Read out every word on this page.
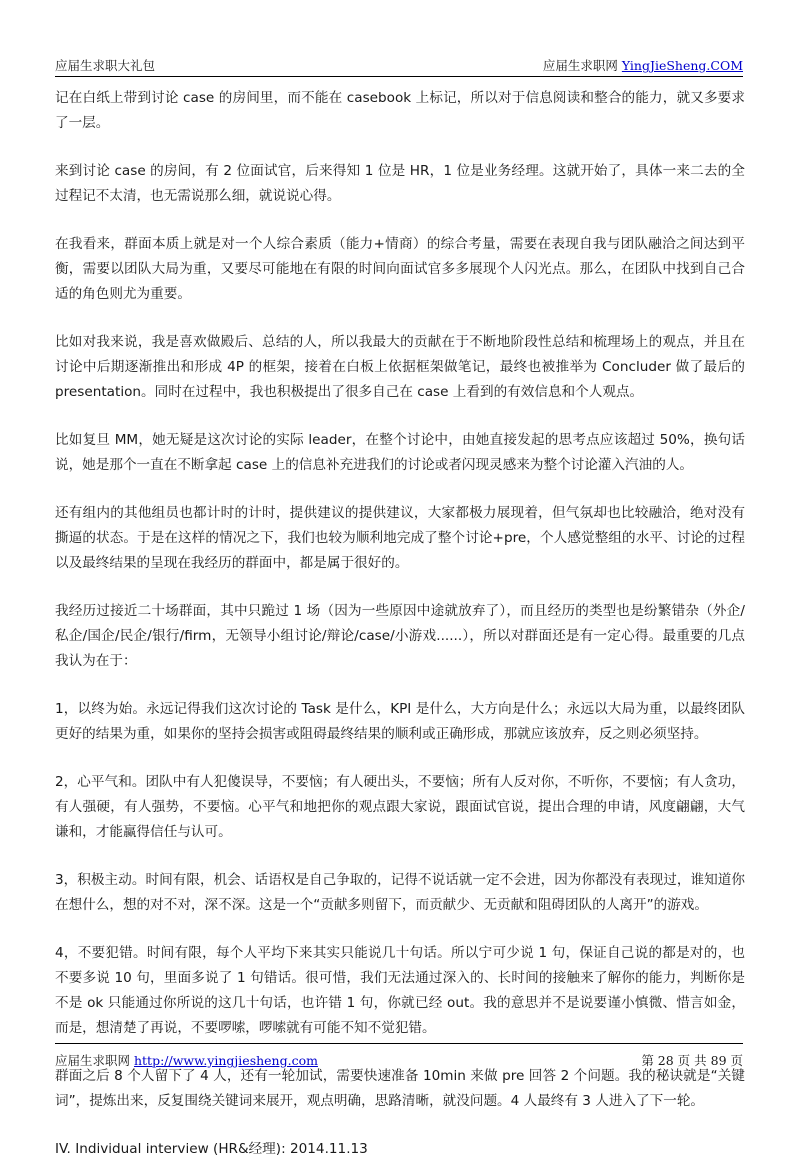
应届生求职大礼包	应届生求职网 YingJieSheng.COM

记在白纸上带到讨论 case 的房间里，而不能在 casebook 上标记，所以对于信息阅读和整合的能力，就又多要求了一层。

来到讨论 case 的房间，有 2 位面试官，后来得知 1 位是 HR，1 位是业务经理。这就开始了，具体一来二去的全过程记不太清，也无需说那么细，就说说心得。

在我看来，群面本质上就是对一个人综合素质（能力+情商）的综合考量，需要在表现自我与团队融洽之间达到平衡，需要以团队大局为重，又要尽可能地在有限的时间向面试官多多展现个人闪光点。那么，在团队中找到自己合适的角色则尤为重要。

比如对我来说，我是喜欢做殿后、总结的人，所以我最大的贡献在于不断地阶段性总结和梳理场上的观点，并且在讨论中后期逐渐推出和形成 4P 的框架，接着在白板上依据框架做笔记，最终也被推举为 Concluder 做了最后的 presentation。同时在过程中，我也积极提出了很多自己在 case 上看到的有效信息和个人观点。

比如复旦 MM，她无疑是这次讨论的实际 leader，在整个讨论中，由她直接发起的思考点应该超过 50%，换句话说，她是那个一直在不断拿起 case 上的信息补充进我们的讨论或者闪现灵感来为整个讨论灌入汽油的人。

还有组内的其他组员也都计时的计时，提供建议的提供建议，大家都极力展现着，但气氛却也比较融洽，绝对没有撕逼的状态。于是在这样的情况之下，我们也较为顺利地完成了整个讨论+pre，个人感觉整组的水平、讨论的过程以及最终结果的呈现在我经历的群面中，都是属于很好的。

我经历过接近二十场群面，其中只跪过 1 场（因为一些原因中途就放弃了），而且经历的类型也是纷繁错杂（外企/私企/国企/民企/银行/firm，无领导小组讨论/辩论/case/小游戏......），所以对群面还是有一定心得。最重要的几点我认为在于：

1，以终为始。永远记得我们这次讨论的 Task 是什么，KPI 是什么，大方向是什么；永远以大局为重，以最终团队更好的结果为重，如果你的坚持会损害或阻碍最终结果的顺利或正确形成，那就应该放弃，反之则必须坚持。

2，心平气和。团队中有人犯傻误导，不要恼；有人硬出头，不要恼；所有人反对你，不听你，不要恼；有人贪功，有人强硬，有人强势，不要恼。心平气和地把你的观点跟大家说，跟面试官说，提出合理的申请，风度翩翩，大气谦和，才能赢得信任与认可。

3，积极主动。时间有限，机会、话语权是自己争取的，记得不说话就一定不会进，因为你都没有表现过，谁知道你在想什么，想的对不对，深不深。这是一个“贡献多则留下，而贡献少、无贡献和阻碍团队的人离开”的游戏。

4，不要犯错。时间有限，每个人平均下来其实只能说几十句话。所以宁可少说 1 句，保证自己说的都是对的，也不要多说 10 句，里面多说了 1 句错话。很可惜，我们无法通过深入的、长时间的接触来了解你的能力，判断你是不是 ok 只能通过你所说的这几十句话，也许错 1 句，你就已经 out。我的意思并不是说要谨小慎微、惜言如金，而是，想清楚了再说，不要啰嗦，啰嗦就有可能不知不觉犯错。

群面之后 8 个人留下了 4 人，还有一轮加试，需要快速准备 10min 来做 pre 回答 2 个问题。我的秘诀就是“关键词”，提炼出来，反复围绕关键词来展开，观点明确，思路清晰，就没问题。4 人最终有 3 人进入了下一轮。

IV. Individual interview (HR&经理): 2014.11.13

应届生求职网 http://www.yingjiesheng.com	第 28 页 共 89 页
